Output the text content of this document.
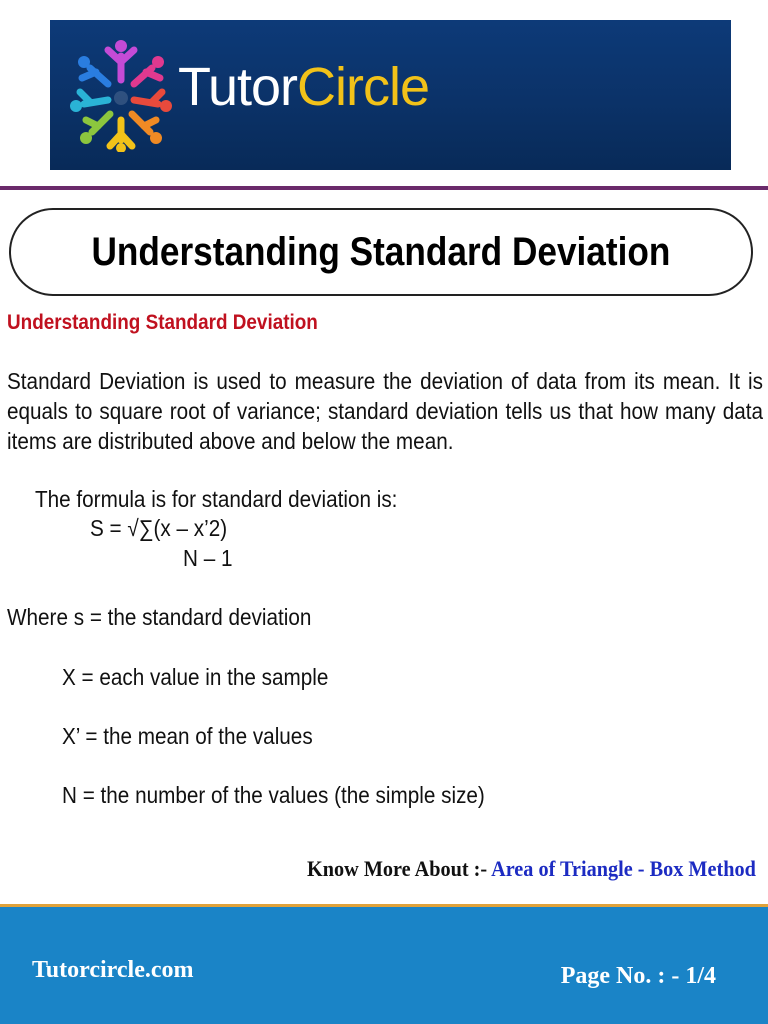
TutorCircle
Understanding Standard Deviation
Understanding Standard Deviation
Standard Deviation is used to measure the deviation of data from its mean. It is equals to square root of variance; standard deviation tells us that how many data items are distributed above and below the mean.
The formula is for standard deviation is:
S = √∑(x – x’2)
N – 1
Where s = the standard deviation
X = each value in the sample
X’ = the mean of the values
N = the number of the values (the simple size)
Know More About :- Area of Triangle - Box Method
Tutorcircle.com	Page No. : - 1/4
